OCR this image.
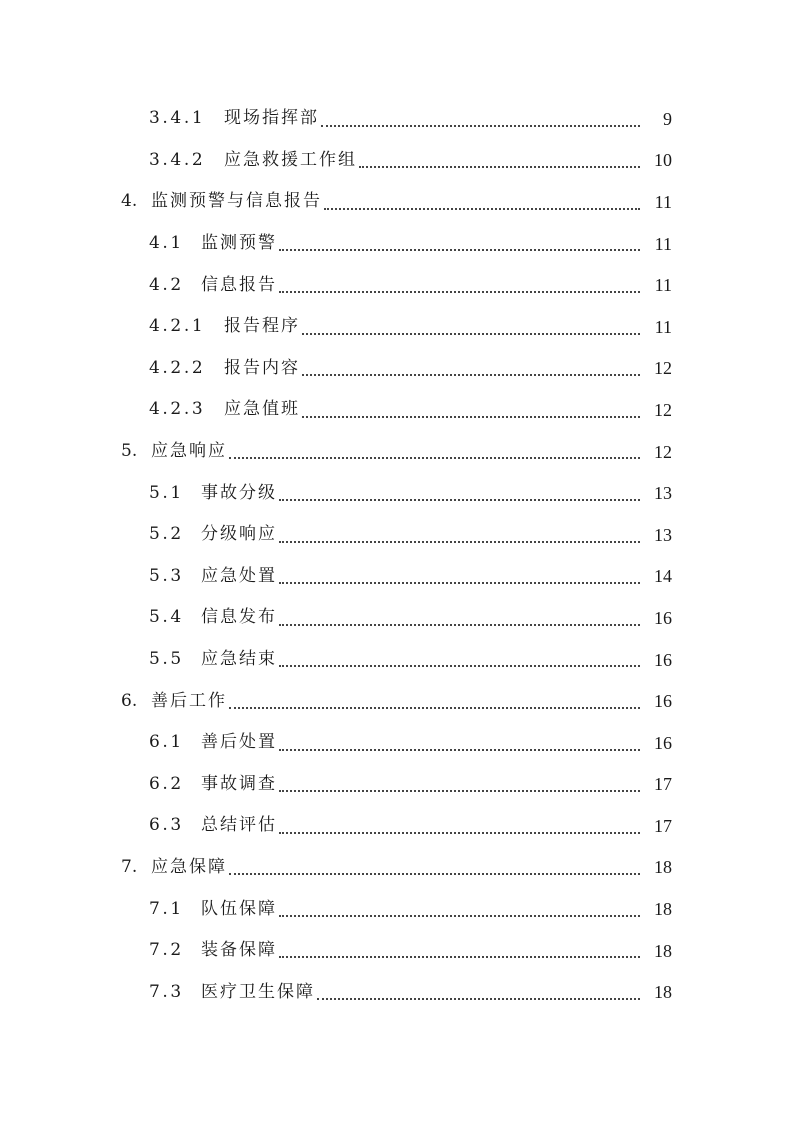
3.4.1	现场指挥部	9
3.4.2	应急救援工作组	10
4. 监测预警与信息报告	11
4.1	监测预警	11
4.2	信息报告	11
4.2.1	报告程序	11
4.2.2	报告内容	12
4.2.3	应急值班	12
5. 应急响应	12
5.1	事故分级	13
5.2	分级响应	13
5.3	应急处置	14
5.4	信息发布	16
5.5	应急结束	16
6. 善后工作	16
6.1	善后处置	16
6.2	事故调查	17
6.3	总结评估	17
7. 应急保障	18
7.1	队伍保障	18
7.2	装备保障	18
7.3	医疗卫生保障	18
